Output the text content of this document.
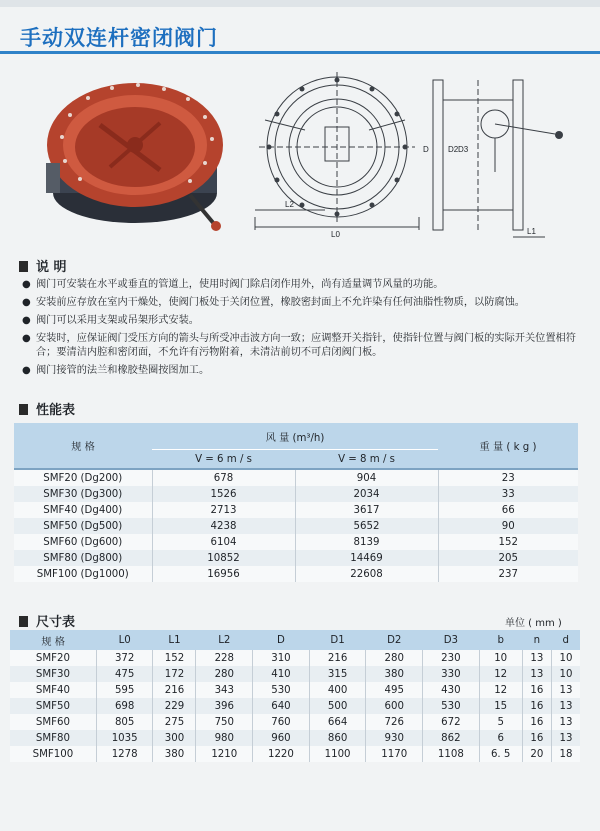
手动双连杆密闭阀门
L2
L0
D D2 D3
L1
说 明
● 阀门可安装在水平或垂直的管道上，使用时阀门除启闭作用外，尚有适量调节风量的功能。
● 安装前应存放在室内干燥处，使阀门板处于关闭位置，橡胶密封面上不允许染有任何油脂性物质，以防腐蚀。
● 阀门可以采用支架或吊架形式安装。
● 安装时，应保证阀门受压方向的箭头与所受冲击波方向一致；应调整开关指针，使指针位置与阀门板的实际开关位置相符合；要清洁内腔和密闭面，不允许有污物附着，未清洁前切不可启闭阀门板。
● 阀门接管的法兰和橡胶垫圈按图加工。
性能表
规 格	风 量 (m³/h)		重 量 ( k g )
	V = 6 m / s	V = 8 m / s	
SMF20 (Dg200)	678	904	23
SMF30 (Dg300)	1526	2034	33
SMF40 (Dg400)	2713	3617	66
SMF50 (Dg500)	4238	5652	90
SMF60 (Dg600)	6104	8139	152
SMF80 (Dg800)	10852	14469	205
SMF100 (Dg1000)	16956	22608	237
尺寸表	单位 ( mm )
规 格	L0	L1	L2	D	D1	D2	D3	b	n	d
SMF20	372	152	228	310	216	280	230	10	13	10
SMF30	475	172	280	410	315	380	330	12	13	10
SMF40	595	216	343	530	400	495	430	12	16	13
SMF50	698	229	396	640	500	600	530	15	16	13
SMF60	805	275	750	760	664	726	672	5	16	13
SMF80	1035	300	980	960	860	930	862	6	16	13
SMF100	1278	380	1210	1220	1100	1170	1108	6. 5	20	18
